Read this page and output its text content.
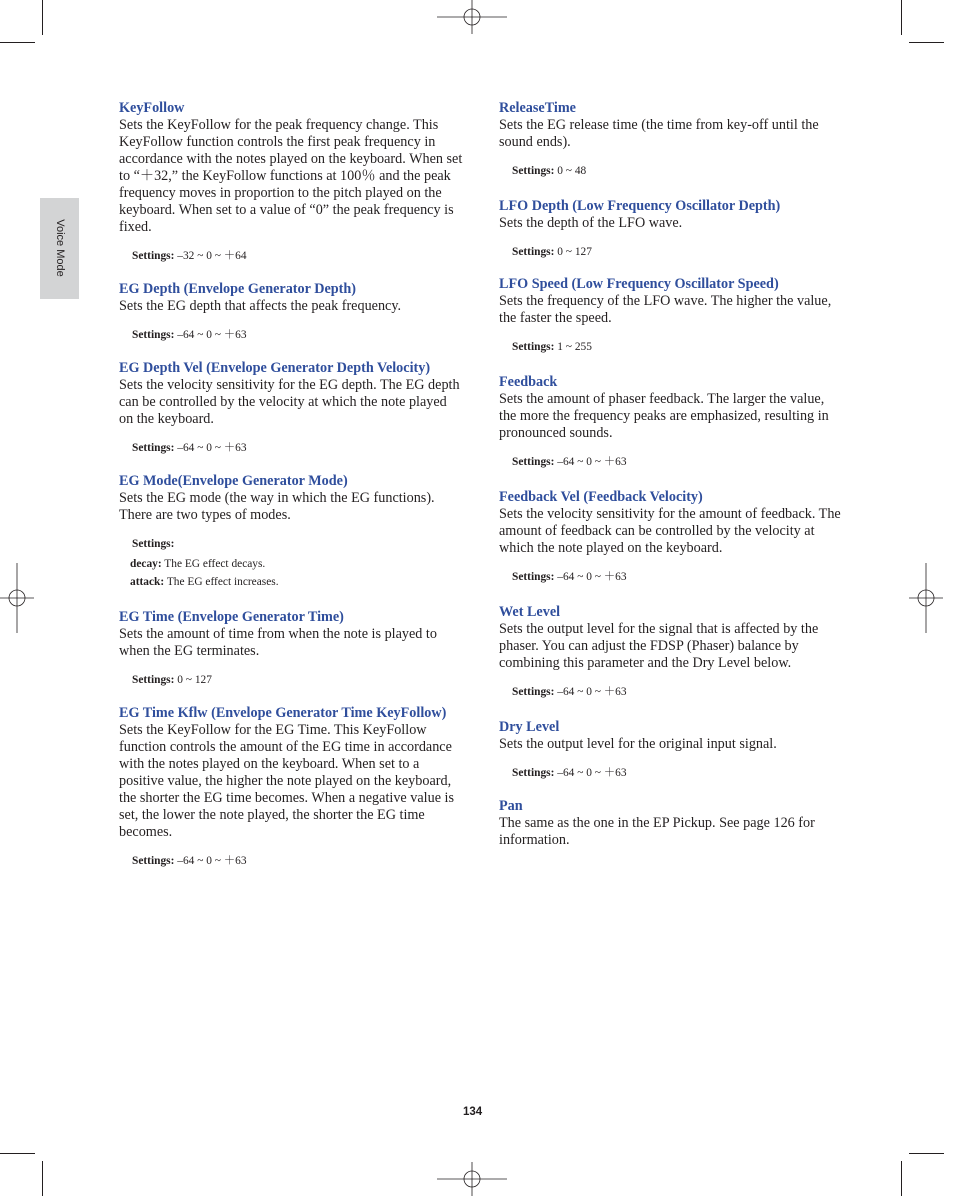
Voice Mode

KeyFollow

Sets the KeyFollow for the peak frequency change. This KeyFollow function controls the first peak frequency in accordance with the notes played on the keyboard. When set to “＋32,” the KeyFollow functions at 100％ and the peak frequency moves in proportion to the pitch played on the keyboard. When set to a value of “0” the peak frequency is fixed.

Settings: –32 ~ 0 ~ ＋64

EG Depth (Envelope Generator Depth)

Sets the EG depth that affects the peak frequency.

Settings: –64 ~ 0 ~ ＋63

EG Depth Vel (Envelope Generator Depth Velocity)

Sets the velocity sensitivity for the EG depth. The EG depth can be controlled by the velocity at which the note played on the keyboard.

Settings: –64 ~ 0 ~ ＋63

EG Mode(Envelope Generator Mode)

Sets the EG mode (the way in which the EG functions). There are two types of modes.

Settings:

decay: The EG effect decays.

attack: The EG effect increases.

EG Time (Envelope Generator Time)

Sets the amount of time from when the note is played to when the EG terminates.

Settings: 0 ~ 127

EG Time Kflw (Envelope Generator Time KeyFollow)

Sets the KeyFollow for the EG Time. This KeyFollow function controls the amount of the EG time in accordance with the notes played on the keyboard. When set to a positive value, the higher the note played on the keyboard, the shorter the EG time becomes. When a negative value is set, the lower the note played, the shorter the EG time becomes.

Settings: –64 ~ 0 ~ ＋63

ReleaseTime

Sets the EG release time (the time from key-off until the sound ends).

Settings: 0 ~ 48

LFO Depth (Low Frequency Oscillator Depth)

Sets the depth of the LFO wave.

Settings: 0 ~ 127

LFO Speed (Low Frequency Oscillator Speed)

Sets the frequency of the LFO wave. The higher the value, the faster the speed.

Settings: 1 ~ 255

Feedback

Sets the amount of phaser feedback. The larger the value, the more the frequency peaks are emphasized, resulting in pronounced sounds.

Settings: –64 ~ 0 ~ ＋63

Feedback Vel (Feedback Velocity)

Sets the velocity sensitivity for the amount of feedback. The amount of feedback can be controlled by the velocity at which the note played on the keyboard.

Settings: –64 ~ 0 ~ ＋63

Wet Level

Sets the output level for the signal that is affected by the phaser. You can adjust the FDSP (Phaser) balance by combining this parameter and the Dry Level below.

Settings: –64 ~ 0 ~ ＋63

Dry Level

Sets the output level for the original input signal.

Settings: –64 ~ 0 ~ ＋63

Pan

The same as the one in the EP Pickup. See page 126 for information.

134
